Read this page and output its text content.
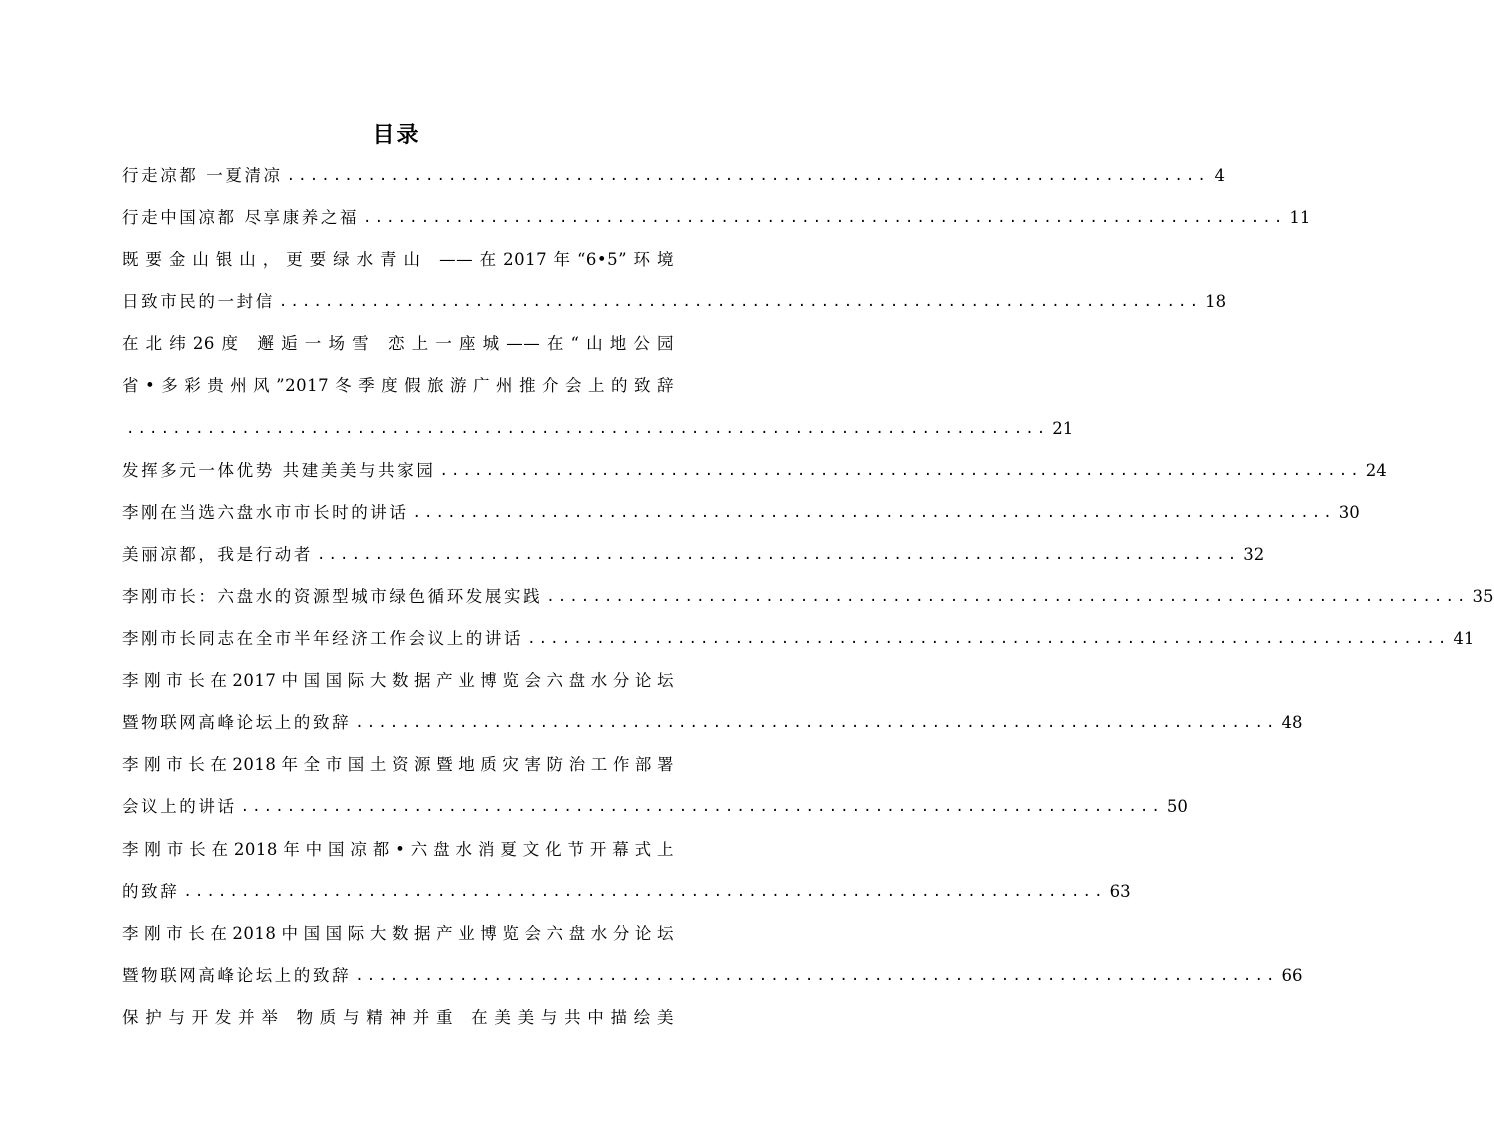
目录
行走凉都 一夏清凉 ................................................................................ 4
行走中国凉都 尽享康养之福 ................................................................................ 11
既要金山银山，更要绿水青山 ——在2017年“6•5”环境
日致市民的一封信 ................................................................................ 18
在北纬26度 邂逅一场雪 恋上一座城——在“山地公园
省•多彩贵州风”2017冬季度假旅游广州推介会上的致辞
................................................................................ 21
发挥多元一体优势 共建美美与共家园 ................................................................................ 24
李刚在当选六盘水市市长时的讲话 ................................................................................ 30
美丽凉都，我是行动者 ................................................................................ 32
李刚市长：六盘水的资源型城市绿色循环发展实践 ................................................................................ 35
李刚市长同志在全市半年经济工作会议上的讲话 ................................................................................ 41
李刚市长在2017中国国际大数据产业博览会六盘水分论坛
暨物联网高峰论坛上的致辞 ................................................................................ 48
李刚市长在2018年全市国土资源暨地质灾害防治工作部署
会议上的讲话 ................................................................................ 50
李刚市长在2018年中国凉都•六盘水消夏文化节开幕式上
的致辞 ................................................................................ 63
李刚市长在2018中国国际大数据产业博览会六盘水分论坛
暨物联网高峰论坛上的致辞 ................................................................................ 66
保护与开发并举 物质与精神并重 在美美与共中描绘美
